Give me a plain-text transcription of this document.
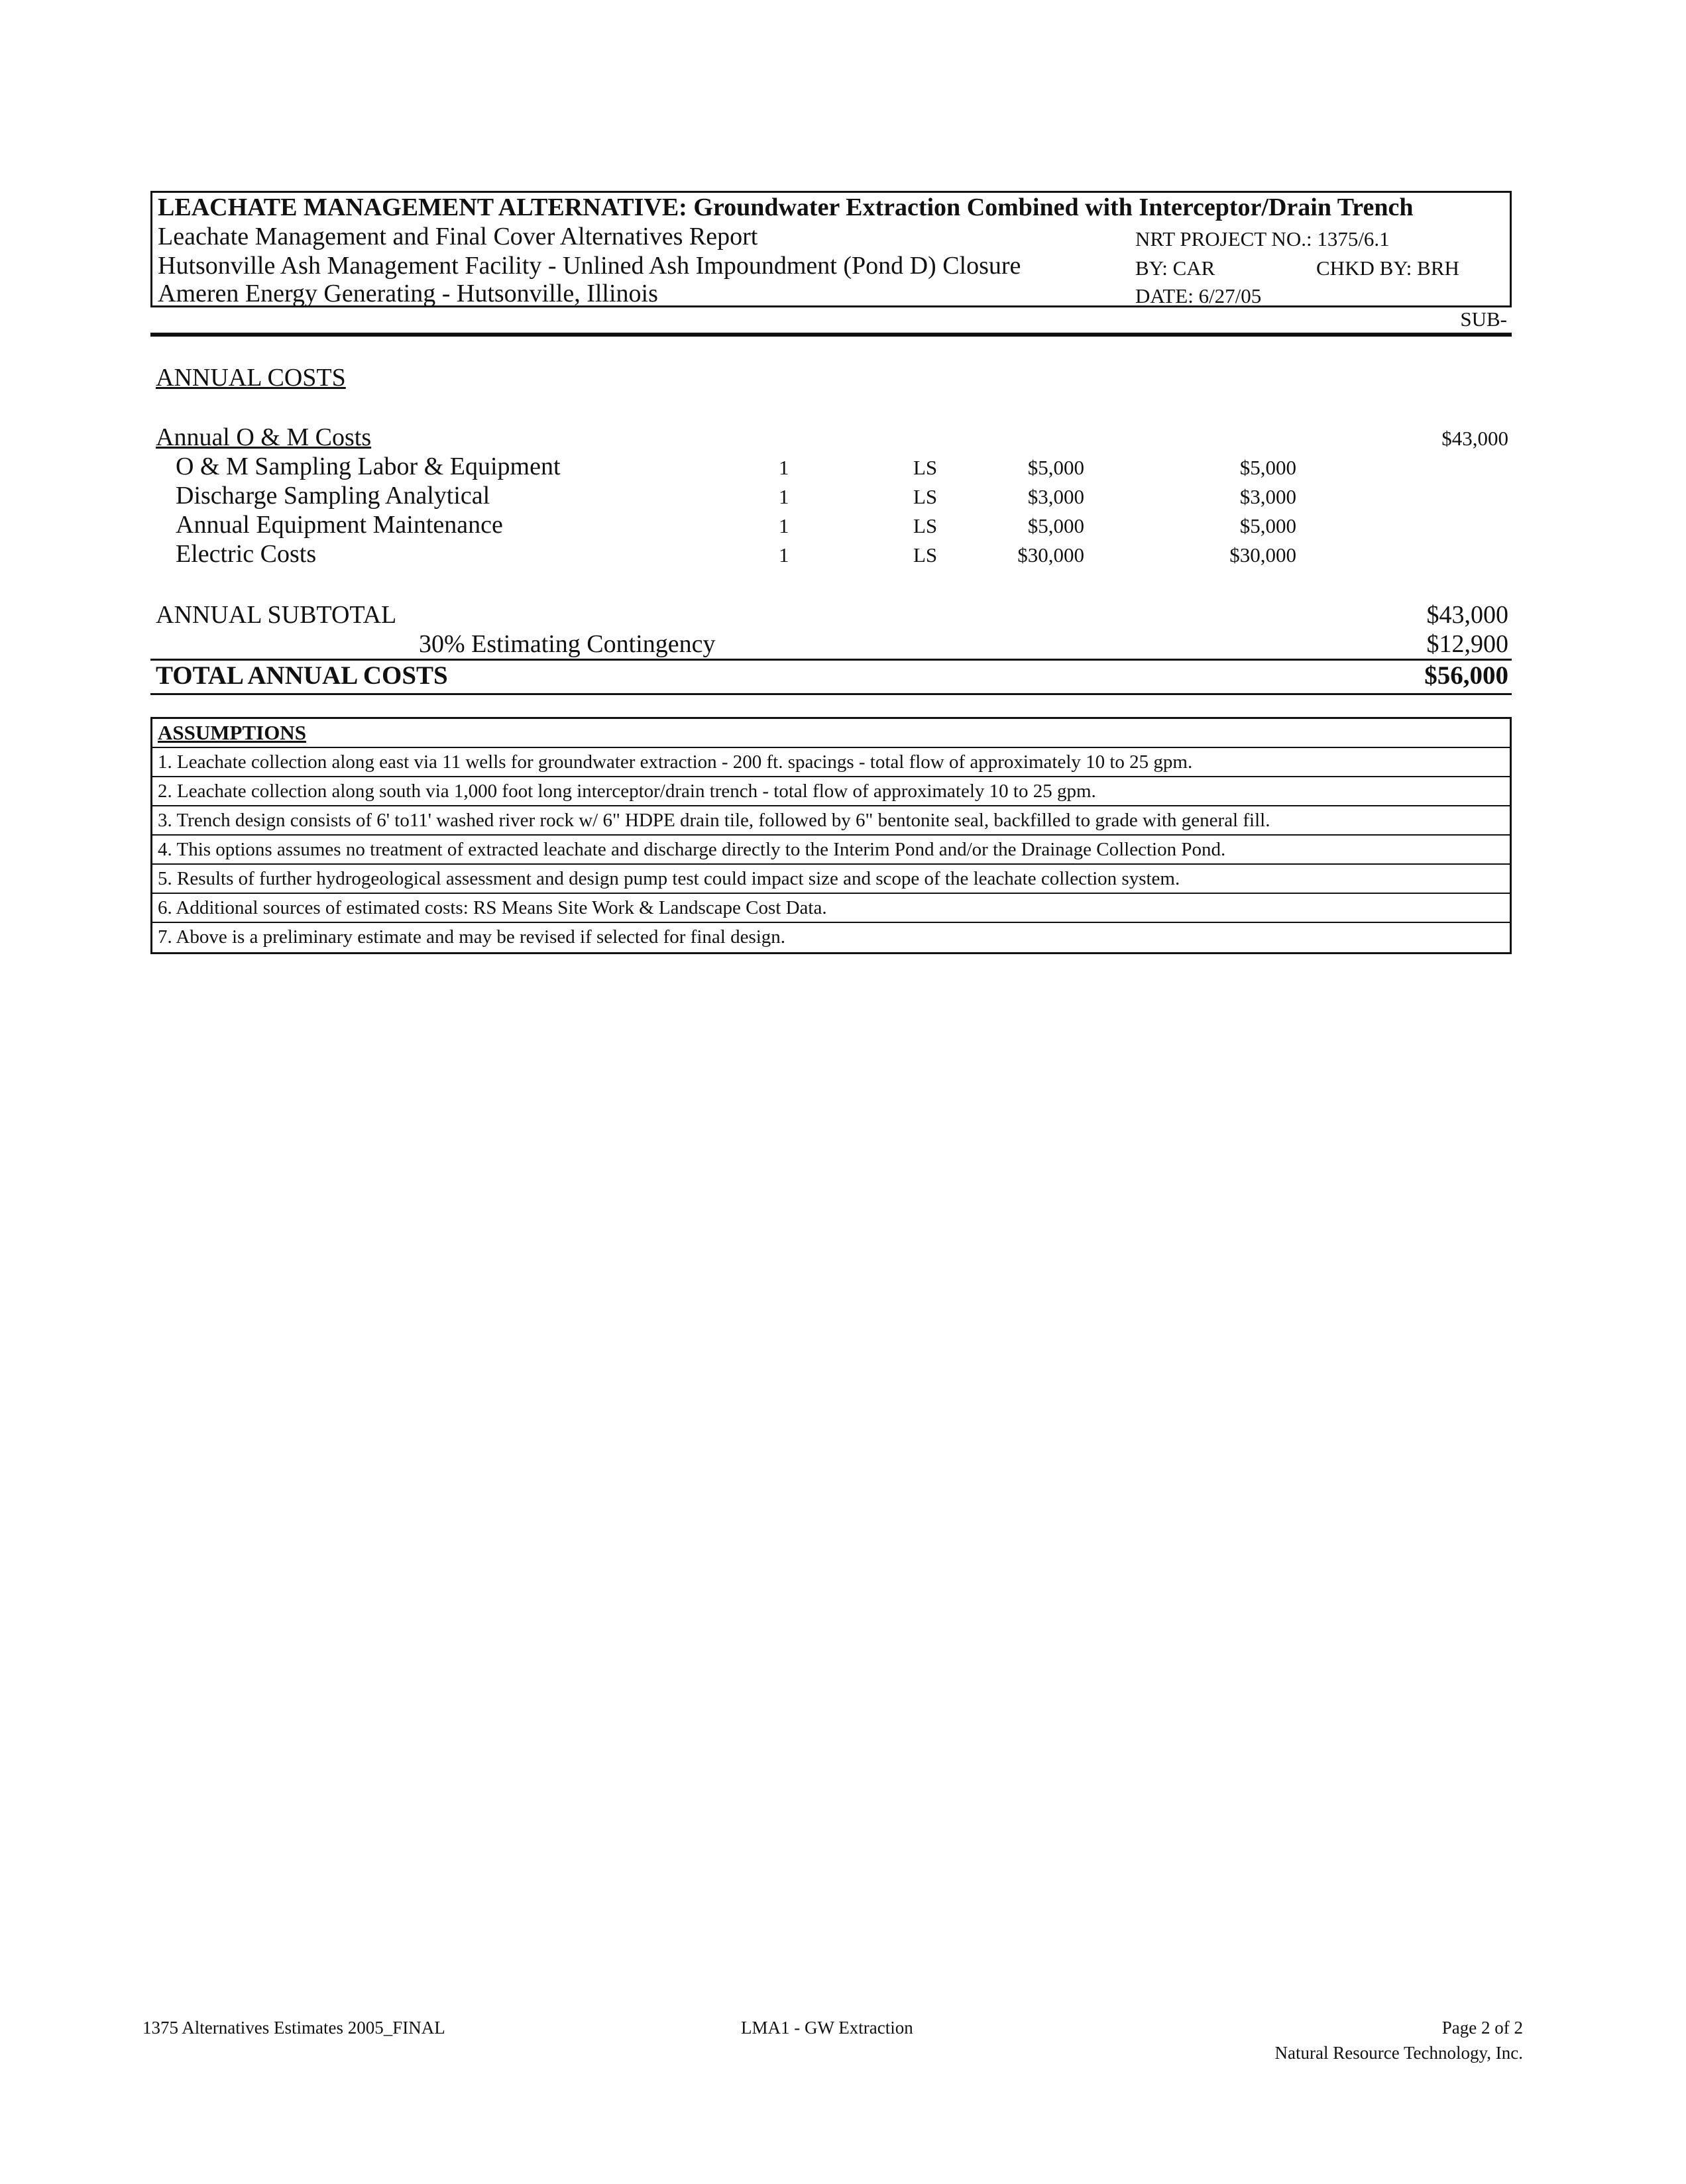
LEACHATE MANAGEMENT ALTERNATIVE: Groundwater Extraction Combined with Interceptor/Drain Trench
Leachate Management and Final Cover Alternatives Report
Hutsonville Ash Management Facility - Unlined Ash Impoundment (Pond D) Closure
Ameren Energy Generating - Hutsonville, Illinois
NRT PROJECT NO.: 1375/6.1
BY: CAR	CHKD BY: BRH
DATE: 6/27/05
SUB-
ANNUAL COSTS
Annual O & M Costs	$43,000
O & M Sampling Labor & Equipment	1	LS	$5,000	$5,000
Discharge Sampling Analytical	1	LS	$3,000	$3,000
Annual Equipment Maintenance	1	LS	$5,000	$5,000
Electric Costs	1	LS	$30,000	$30,000
ANNUAL SUBTOTAL	$43,000
30% Estimating Contingency	$12,900
TOTAL ANNUAL COSTS	$56,000
ASSUMPTIONS
1. Leachate collection along east via 11 wells for groundwater extraction - 200 ft. spacings - total flow of approximately 10 to 25 gpm.
2. Leachate collection along south via 1,000 foot long interceptor/drain trench - total flow of approximately 10 to 25 gpm.
3. Trench design consists of 6' to11' washed river rock w/ 6" HDPE drain tile, followed by 6" bentonite seal, backfilled to grade with general fill.
4. This options assumes no treatment of extracted leachate and discharge directly to the Interim Pond and/or the Drainage Collection Pond.
5. Results of further hydrogeological assessment and design pump test could impact size and scope of the leachate collection system.
6. Additional sources of estimated costs: RS Means Site Work & Landscape Cost Data.
7. Above is a preliminary estimate and may be revised if selected for final design.
1375 Alternatives Estimates 2005_FINAL	LMA1 - GW Extraction	Page 2 of 2
Natural Resource Technology, Inc.
